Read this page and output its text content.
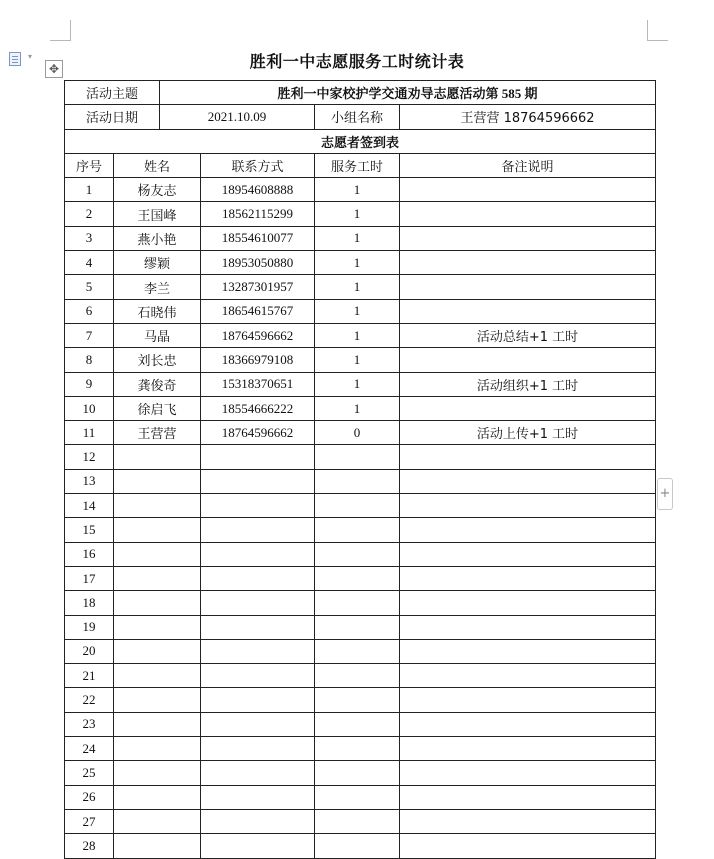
▾
✥
+
胜利一中志愿服务工时统计表
活动主题		胜利一中家校护学交通劝导志愿活动第 585 期			
活动日期		2021.10.09		小组名称	王营营 18764596662
志愿者签到表					
序号	姓名		联系方式	服务工时	备注说明
1	杨友志		18954608888	1	
2	王国峰		18562115299	1	
3	燕小艳		18554610077	1	
4	缪颖		18953050880	1	
5	李兰		13287301957	1	
6	石晓伟		18654615767	1	
7	马晶		18764596662	1	活动总结+1 工时
8	刘长忠		18366979108	1	
9	龚俊奇		15318370651	1	活动组织+1 工时
10	徐启飞		18554666222	1	
11	王营营		18764596662	0	活动上传+1 工时
12					
13					
14					
15					
16					
17					
18					
19					
20					
21					
22					
23					
24					
25					
26					
27					
28					
